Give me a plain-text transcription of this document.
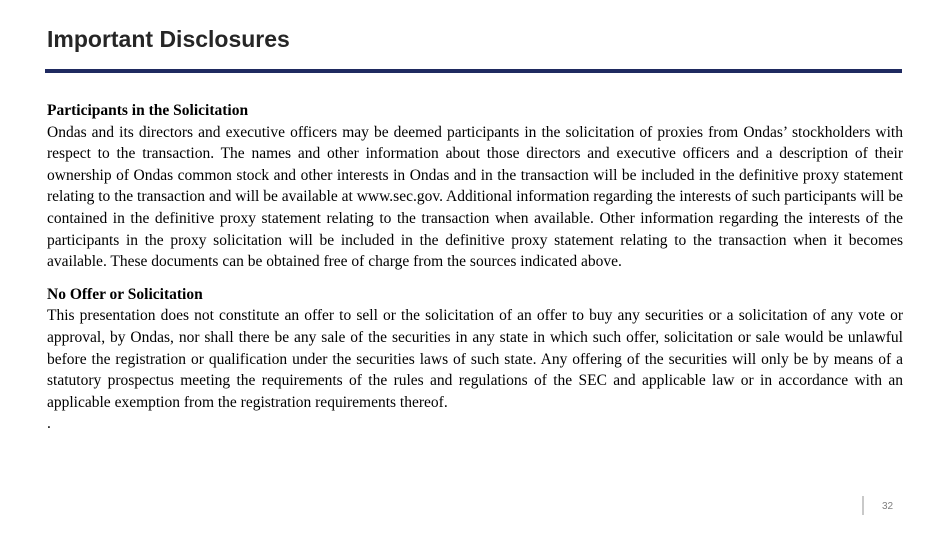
Important Disclosures
Participants in the Solicitation
Ondas and its directors and executive officers may be deemed participants in the solicitation of proxies from Ondas’ stockholders with respect to the transaction. The names and other information about those directors and executive officers and a description of their ownership of Ondas common stock and other interests in Ondas and in the transaction will be included in the definitive proxy statement relating to the transaction and will be available at www.sec.gov. Additional information regarding the interests of such participants will be contained in the definitive proxy statement relating to the transaction when available. Other information regarding the interests of the participants in the proxy solicitation will be included in the definitive proxy statement relating to the transaction when it becomes available. These documents can be obtained free of charge from the sources indicated above.
No Offer or Solicitation
This presentation does not constitute an offer to sell or the solicitation of an offer to buy any securities or a solicitation of any vote or approval, by Ondas, nor shall there be any sale of the securities in any state in which such offer, solicitation or sale would be unlawful before the registration or qualification under the securities laws of such state. Any offering of the securities will only be by means of a statutory prospectus meeting the requirements of the rules and regulations of the SEC and applicable law or in accordance with an applicable exemption from the registration requirements thereof.
.
32
